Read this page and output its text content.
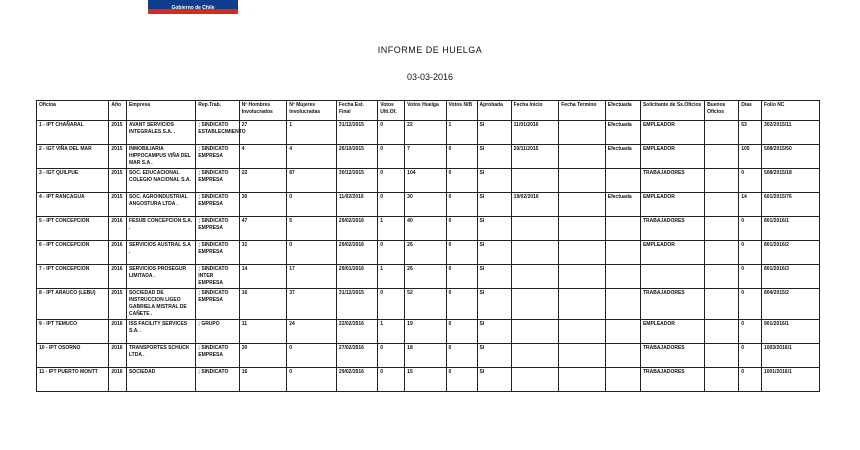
Gobierno de Chile
INFORME DE HUELGA
03-03-2016
Oficina	Año	Empresa	Rep.Trab.	Nº Hombres Involucrados	Nº Mujeres Involucradas	Fecha Est. Final	Votos Ulti.Of.	Votos Huelga	Votos N/B	Aprobada	Fecha Inicio	Fecha Termino	Efectuada	Solicitante de Ss.Oficios	Buenos Oficios	Días	Folio NC
1 - IPT CHAÑARAL	2015	AVANT SERVICIOS INTEGRALES S.A. .	; SINDICATO ESTABLECIMIENTO	27	1	31/12/2015	0	22	1	SI	11/01/2016		Efectuada	EMPLEADOR		53	302/2015/11
2 - IGT VIÑA DEL MAR	2015	INMOBILIARIA HIPPOCAMPUS VIÑA DEL MAR S.A .	; SINDICATO EMPRESA	4	4	26/10/2015	0	7	0	SI	20/11/2015		Efectuada	EMPLEADOR		105	508/2015/50
3 - IGT QUILPUE	2015	SOC. EDUCACIONAL COLEGIO NACIONAL S.A.	; SINDICATO EMPRESA	22	87	30/12/2015	0	104	0	SI				TRABAJADORES		0	508/2015/18
4 - IPT RANCAGUA	2015	SOC. AGROINDUSTRIAL ANGOSTURA LTDA .	; SINDICATO EMPRESA	30	0	11/02/2016	0	30	0	SI	19/02/2016		Efectuada	EMPLEADOR		14	601/2015/76
5 - IPT CONCEPCION	2016	FESUB CONCEPCION S.A. .	; SINDICATO EMPRESA	47	5	29/02/2016	1	40	0	SI				TRABAJADORES		0	801/2016/1
6 - IPT CONCEPCION	2016	SERVICIOS AUSTRAL S.A .	; SINDICATO EMPRESA	31	0	29/02/2016	0	26	0	SI				EMPLEADOR		0	801/2016/2
7 - IPT CONCEPCION	2016	SERVICIOS PROSEGUR LIMITADA .	; SINDICATO INTER EMPRESA	14	17	29/01/2016	1	26	0	SI						0	801/2016/3
8 - IPT ARAUCO (LEBU)	2015	SOCIEDAD DE INSTRUCCION LIGEO GABRIELA MISTRAL DE CAÑETE .	; SINDICATO EMPRESA	16	37	31/12/2015	0	52	0	SI				TRABAJADORES		0	804/2015/2
9 - IPT TEMUCO	2016	ISS FACILITY SERVICES S.A. .	; GRUPO	11	24	22/02/2016	1	19	0	SI				EMPLEADOR		0	901/2016/1
10 - IPT OSORNO	2016	TRANSPORTES SCHUCK LTDA .	; SINDICATO EMPRESA	30	0	27/02/2016	0	18	0	SI				TRABAJADORES		0	1003/2016/1
11 - IPT PUERTO MONTT	2016	SOCIEDAD	; SINDICATO	16	0	29/02/2016	0	15	0	SI				TRABAJADORES		0	1001/2016/1
